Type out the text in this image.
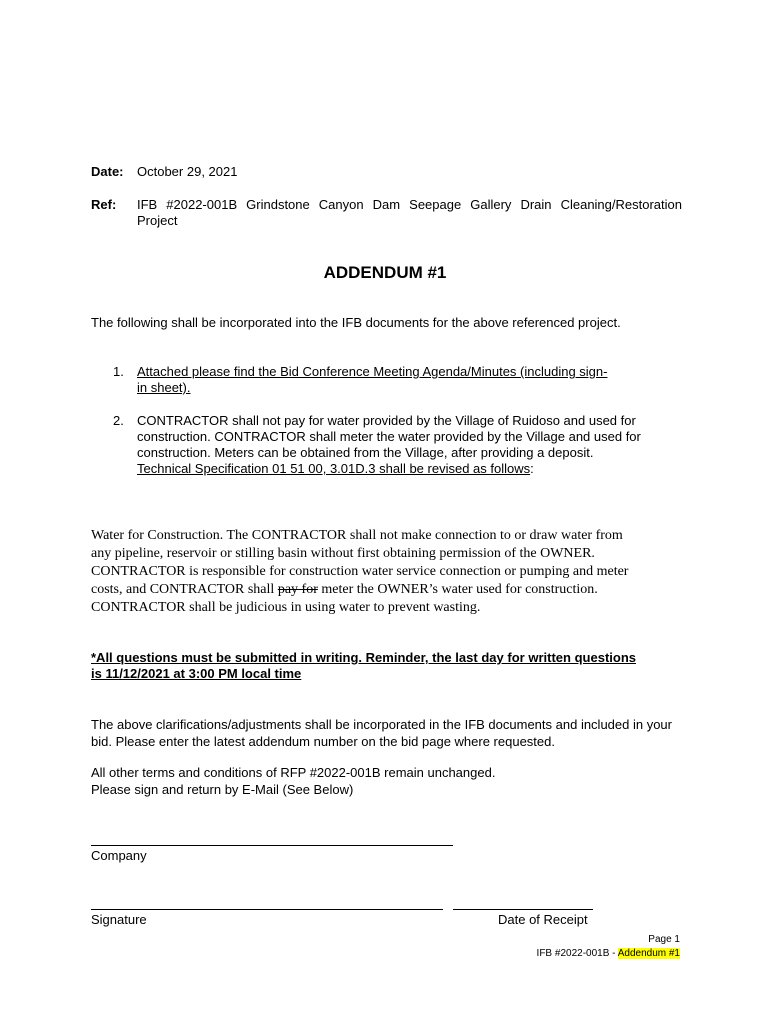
Date: October 29, 2021
Ref: IFB #2022-001B Grindstone Canyon Dam Seepage Gallery Drain Cleaning/Restoration Project
ADDENDUM #1
The following shall be incorporated into the IFB documents for the above referenced project.
1. Attached please find the Bid Conference Meeting Agenda/Minutes (including sign-in sheet).
2. CONTRACTOR shall not pay for water provided by the Village of Ruidoso and used for construction. CONTRACTOR shall meter the water provided by the Village and used for construction. Meters can be obtained from the Village, after providing a deposit. Technical Specification 01 51 00, 3.01D.3 shall be revised as follows:
Water for Construction. The CONTRACTOR shall not make connection to or draw water from any pipeline, reservoir or stilling basin without first obtaining permission of the OWNER. CONTRACTOR is responsible for construction water service connection or pumping and meter costs, and CONTRACTOR shall pay for meter the OWNER’s water used for construction. CONTRACTOR shall be judicious in using water to prevent wasting.
*All questions must be submitted in writing. Reminder, the last day for written questions is 11/12/2021 at 3:00 PM local time
The above clarifications/adjustments shall be incorporated in the IFB documents and included in your bid. Please enter the latest addendum number on the bid page where requested.
All other terms and conditions of RFP #2022-001B remain unchanged.
Please sign and return by E-Mail (See Below)
Company
Signature	Date of Receipt
Page 1
IFB #2022-001B - Addendum #1
